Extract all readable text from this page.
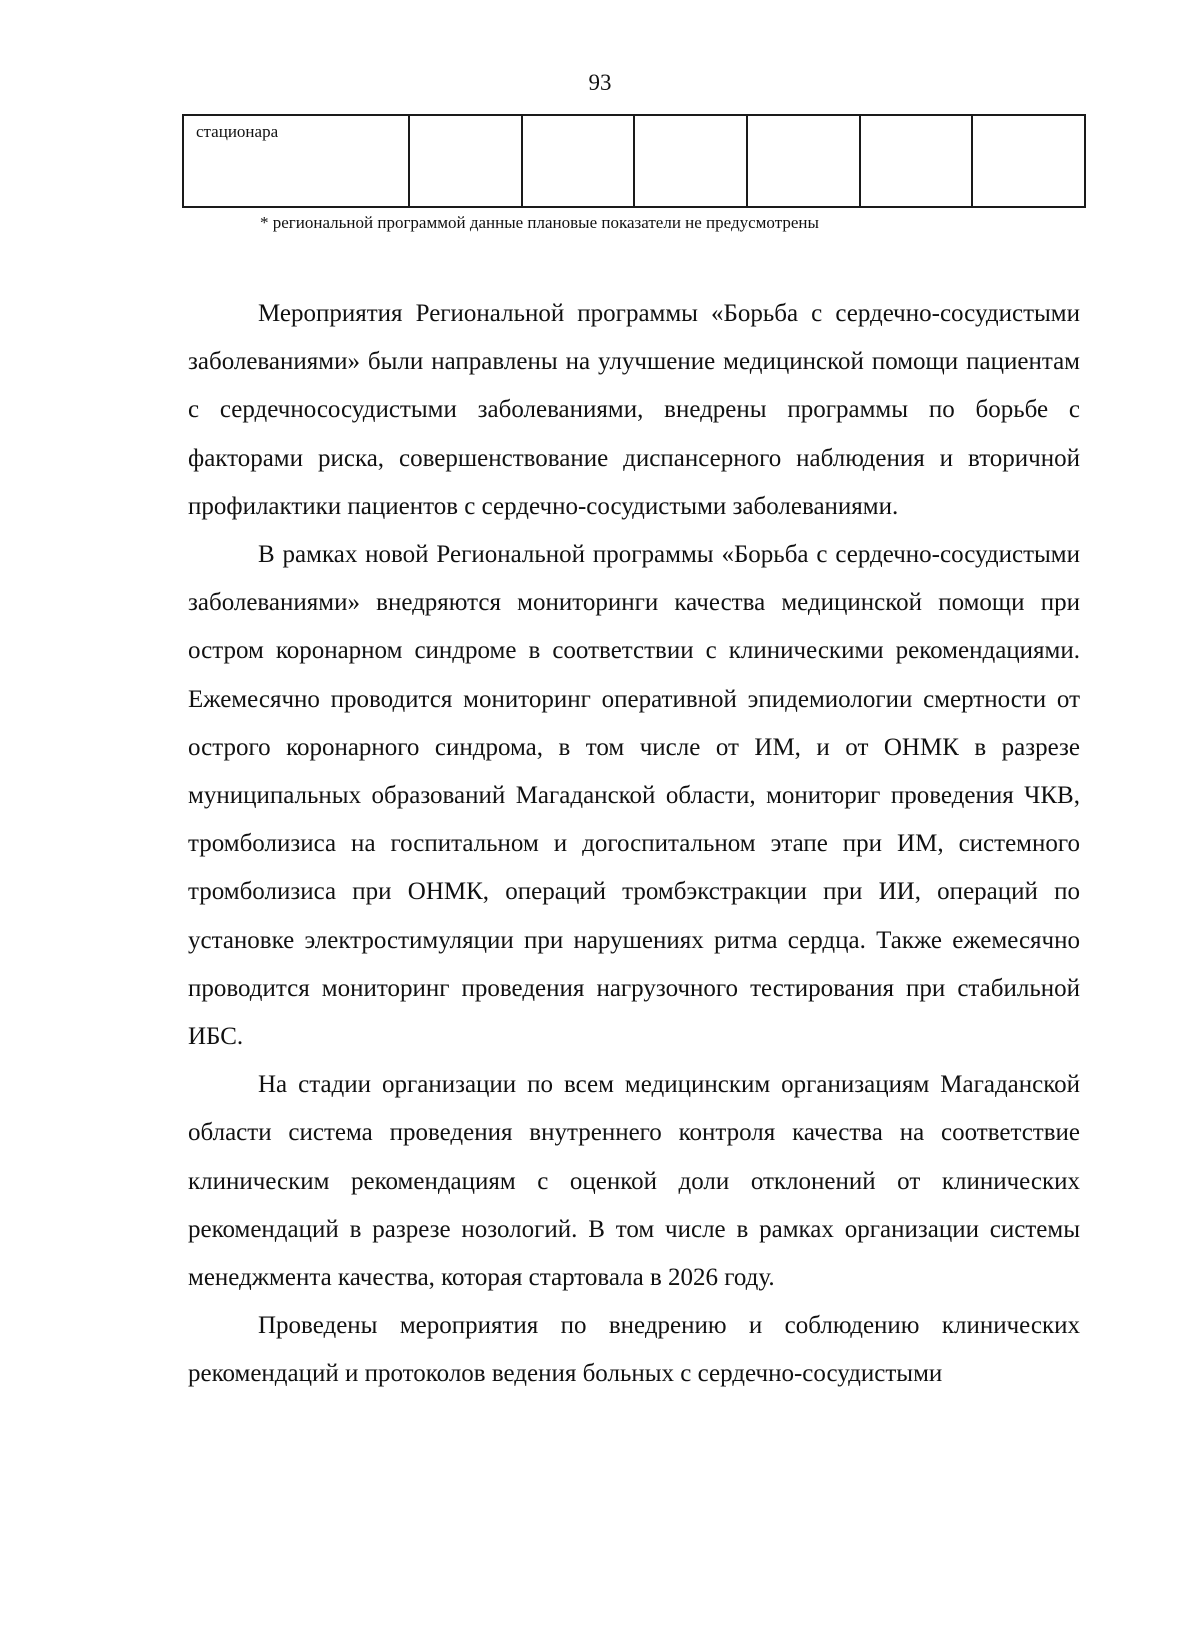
93
стационара						
* региональной программой данные плановые показатели не предусмотрены

Мероприятия Региональной программы «Борьба с сердечно-сосудистыми заболеваниями» были направлены на улучшение медицинской помощи пациентам с сердечнососудистыми заболеваниями, внедрены программы по борьбе с факторами риска, совершенствование диспансерного наблюдения и вторичной профилактики пациентов с сердечно-сосудистыми заболеваниями.

В рамках новой Региональной программы «Борьба с сердечно-сосудистыми заболеваниями» внедряются мониторинги качества медицинской помощи при остром коронарном синдроме в соответствии с клиническими рекомендациями. Ежемесячно проводится мониторинг оперативной эпидемиологии смертности от острого коронарного синдрома, в том числе от ИМ, и от ОНМК в разрезе муниципальных образований Магаданской области, мониториг проведения ЧКВ, тромболизиса на госпитальном и догоспитальном этапе при ИМ, системного тромболизиса при ОНМК, операций тромбэкстракции при ИИ, операций по установке электростимуляции при нарушениях ритма сердца. Также ежемесячно проводится мониторинг проведения нагрузочного тестирования при стабильной ИБС.

На стадии организации по всем медицинским организациям Магаданской области система проведения внутреннего контроля качества на соответствие клиническим рекомендациям с оценкой доли отклонений от клинических рекомендаций в разрезе нозологий. В том числе в рамках организации системы менеджмента качества, которая стартовала в 2026 году.

Проведены мероприятия по внедрению и соблюдению клинических рекомендаций и протоколов ведения больных с сердечно-сосудистыми
